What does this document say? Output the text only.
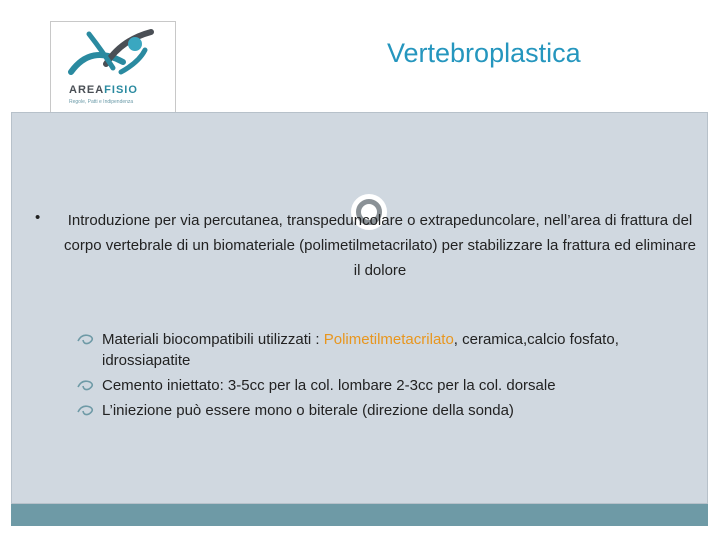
AREAFISIO
Regole, Patti e Indipendenza
Vertebroplastica
•	Introduzione per via percutanea, transpeduncolare o extrapeduncolare, nell’area di frattura del corpo vertebrale di un biomateriale (polimetilmetacrilato) per stabilizzare la frattura ed eliminare il dolore
Materiali biocompatibili utilizzati : Polimetilmetacrilato, ceramica,calcio fosfato, idrossiapatite
Cemento iniettato: 3-5cc per la col. lombare 2-3cc per la col. dorsale
L’iniezione può essere mono o biterale (direzione della sonda)
